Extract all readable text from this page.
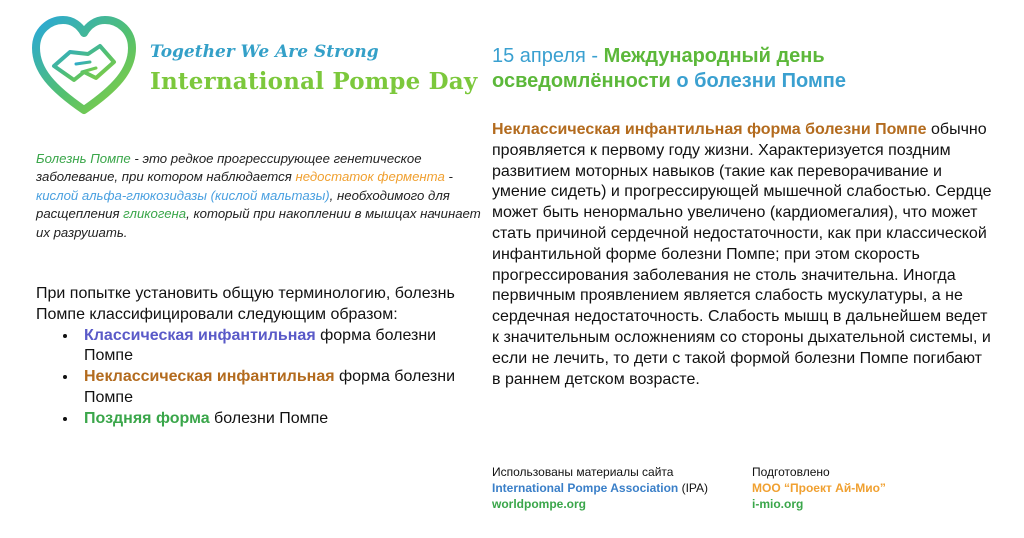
Together We Are Strong
International Pompe Day
15 апреля - Международный день
осведомлённости о болезни Помпе
Болезнь Помпе - это редкое прогрессирующее генетическое заболевание, при котором наблюдается недостаток фермента - кислой альфа-глюкозидазы (кислой мальтазы), необходимого для расщепления гликогена, который при накоплении в мышцах начинает их разрушать.

При попытке установить общую терминологию, болезнь Помпе классифицировали следующим образом:

• Классическая инфантильная форма болезни Помпе
• Неклассическая инфантильная форма болезни Помпе
• Поздняя форма болезни Помпе
Неклассическая инфантильная форма болезни Помпе обычно проявляется к первому году жизни. Характеризуется поздним развитием моторных навыков (такие как переворачивание и умение сидеть) и прогрессирующей мышечной слабостью. Сердце может быть ненормально увеличено (кардиомегалия), что может стать причиной сердечной недостаточности, как при классической инфантильной форме болезни Помпе; при этом скорость прогрессирования заболевания не столь значительна. Иногда первичным проявлением является слабость мускулатуры, а не сердечная недостаточность. Слабость мышц в дальнейшем ведет к значительным осложнениям со стороны дыхательной системы, и если не лечить, то дети с такой формой болезни Помпе погибают в раннем детском возрасте.
Использованы материалы сайта
International Pompe Association (IPA)
worldpompe.org
Подготовлено
МОО “Проект Ай-Мио”
i-mio.org
